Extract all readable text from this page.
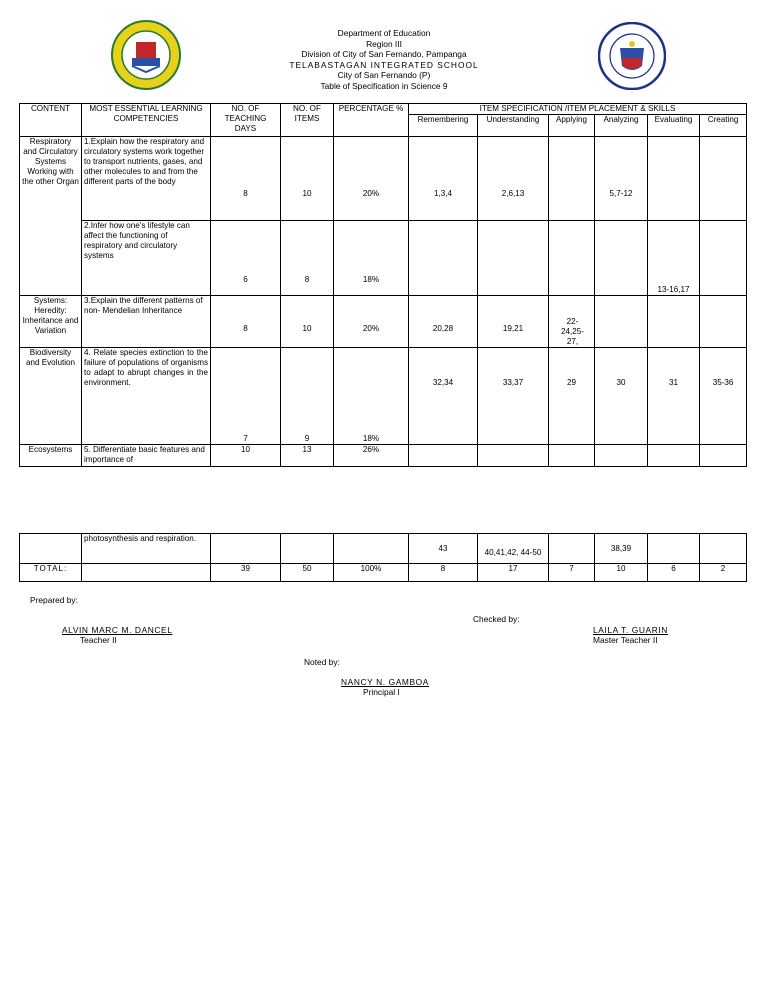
Department of Education
Region III
Division of City of San Fernando, Pampanga
TELABASTAGAN INTEGRATED SCHOOL
City of San Fernando (P)
Table of Specification in Science 9
CONTENT	MOST ESSENTIAL LEARNING COMPETENCIES	NO. OF TEACHING DAYS	NO. OF ITEMS	PERCENTAGE %	ITEM SPECIFICATION /ITEM PLACEMENT & SKILLS					
					Remembering	Understanding	Applying	Analyzing	Evaluating	Creating
Respiratory and Circulatory Systems Working with the other Organ	1.Explain how the respiratory and circulatory systems work together to transport nutrients, gases, and other molecules to and from the different parts of the body	8	10	20%	1,3,4	2,6,13		5,7-12		
	2.Infer how one's lifestyle can affect the functioning of respiratory and circulatory systems	6	8	18%					13-16,17	
Systems: Heredity: Inheritance and Variation	3.Explain the different patterns of non- Mendelian Inheritance	8	10	20%	20,28	19,21	22-24,25-27,			
Biodiversity and Evolution	4. Relate species extinction to the failure of populations of organisms to adapt to abrupt changes in the environment.	7	9	18%	32,34	33,37	29	30	31	35-36
Ecosystems	5. Differentiate basic features and importance of	10	13	26%						
	photosynthesis and respiration.				43	40,41,42, 44-50		38,39		
TOTAL:		39	50	100%	8	17	7	10	6	2
Prepared by:
ALVIN MARC M. DANCEL
Teacher II
Checked by:
LAILA T. GUARIN
Master Teacher II
Noted by:
NANCY N. GAMBOA
Principal I
